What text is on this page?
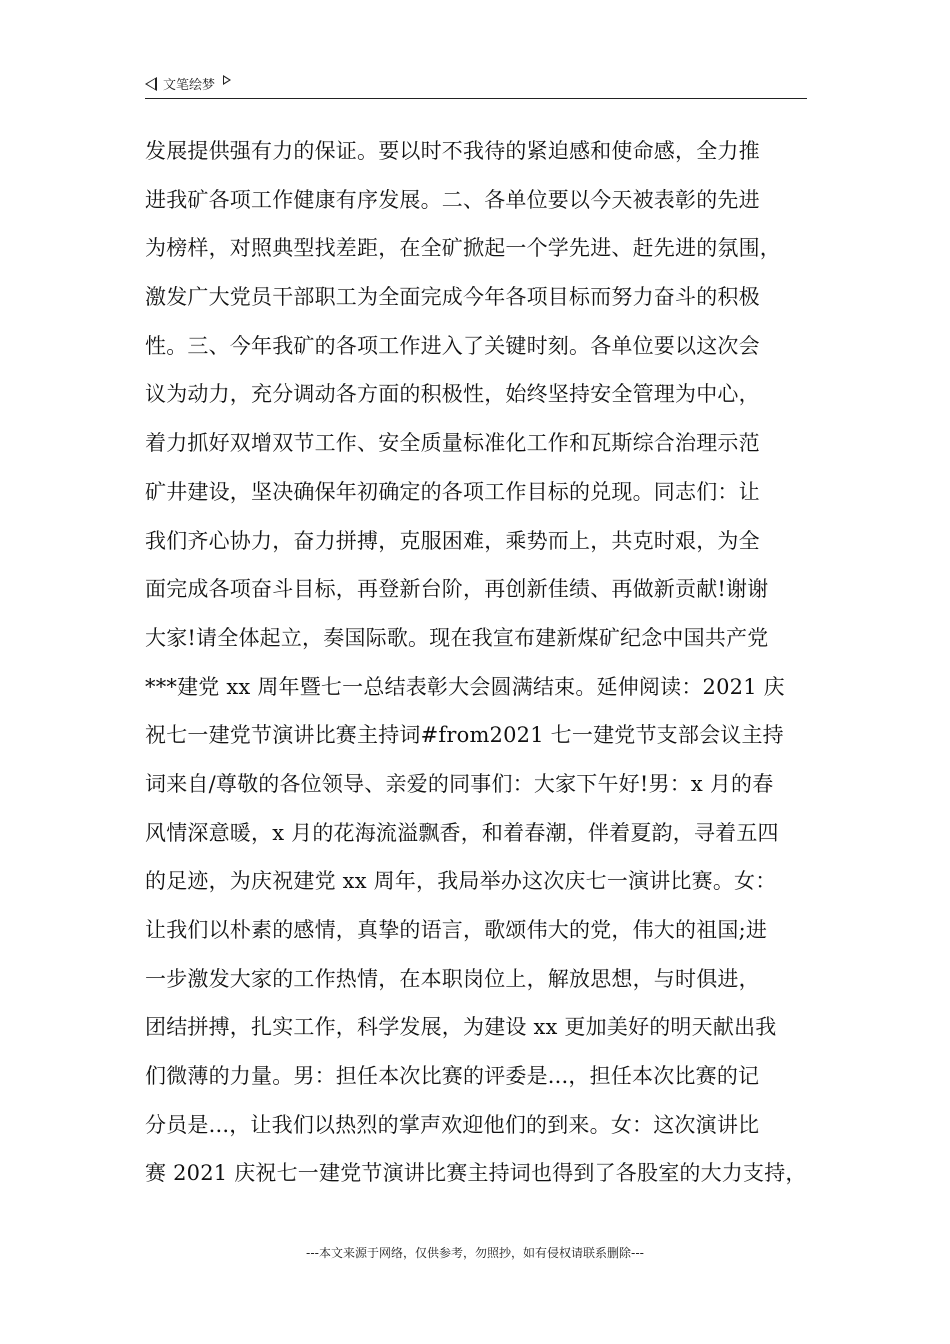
文笔绘梦
发展提供强有力的保证。要以时不我待的紧迫感和使命感，全力推
进我矿各项工作健康有序发展。二、各单位要以今天被表彰的先进
为榜样，对照典型找差距，在全矿掀起一个学先进、赶先进的氛围，
激发广大党员干部职工为全面完成今年各项目标而努力奋斗的积极
性。三、今年我矿的各项工作进入了关键时刻。各单位要以这次会
议为动力，充分调动各方面的积极性，始终坚持安全管理为中心，
着力抓好双增双节工作、安全质量标准化工作和瓦斯综合治理示范
矿井建设，坚决确保年初确定的各项工作目标的兑现。同志们：让
我们齐心协力，奋力拼搏，克服困难，乘势而上，共克时艰，为全
面完成各项奋斗目标，再登新台阶，再创新佳绩、再做新贡献!谢谢
大家!请全体起立，奏国际歌。现在我宣布建新煤矿纪念中国共产党
***建党 xx 周年暨七一总结表彰大会圆满结束。延伸阅读：2021 庆
祝七一建党节演讲比赛主持词#from2021 七一建党节支部会议主持
词来自/尊敬的各位领导、亲爱的同事们：大家下午好!男：x 月的春
风情深意暖，x 月的花海流溢飘香，和着春潮，伴着夏韵，寻着五四
的足迹，为庆祝建党 xx 周年，我局举办这次庆七一演讲比赛。女：
让我们以朴素的感情，真挚的语言，歌颂伟大的党，伟大的祖国;进
一步激发大家的工作热情，在本职岗位上，解放思想，与时俱进，
团结拼搏，扎实工作，科学发展，为建设 xx 更加美好的明天献出我
们微薄的力量。男：担任本次比赛的评委是...，担任本次比赛的记
分员是...，让我们以热烈的掌声欢迎他们的到来。女：这次演讲比
赛 2021 庆祝七一建党节演讲比赛主持词也得到了各股室的大力支持，
---本文来源于网络，仅供参考，勿照抄，如有侵权请联系删除---
